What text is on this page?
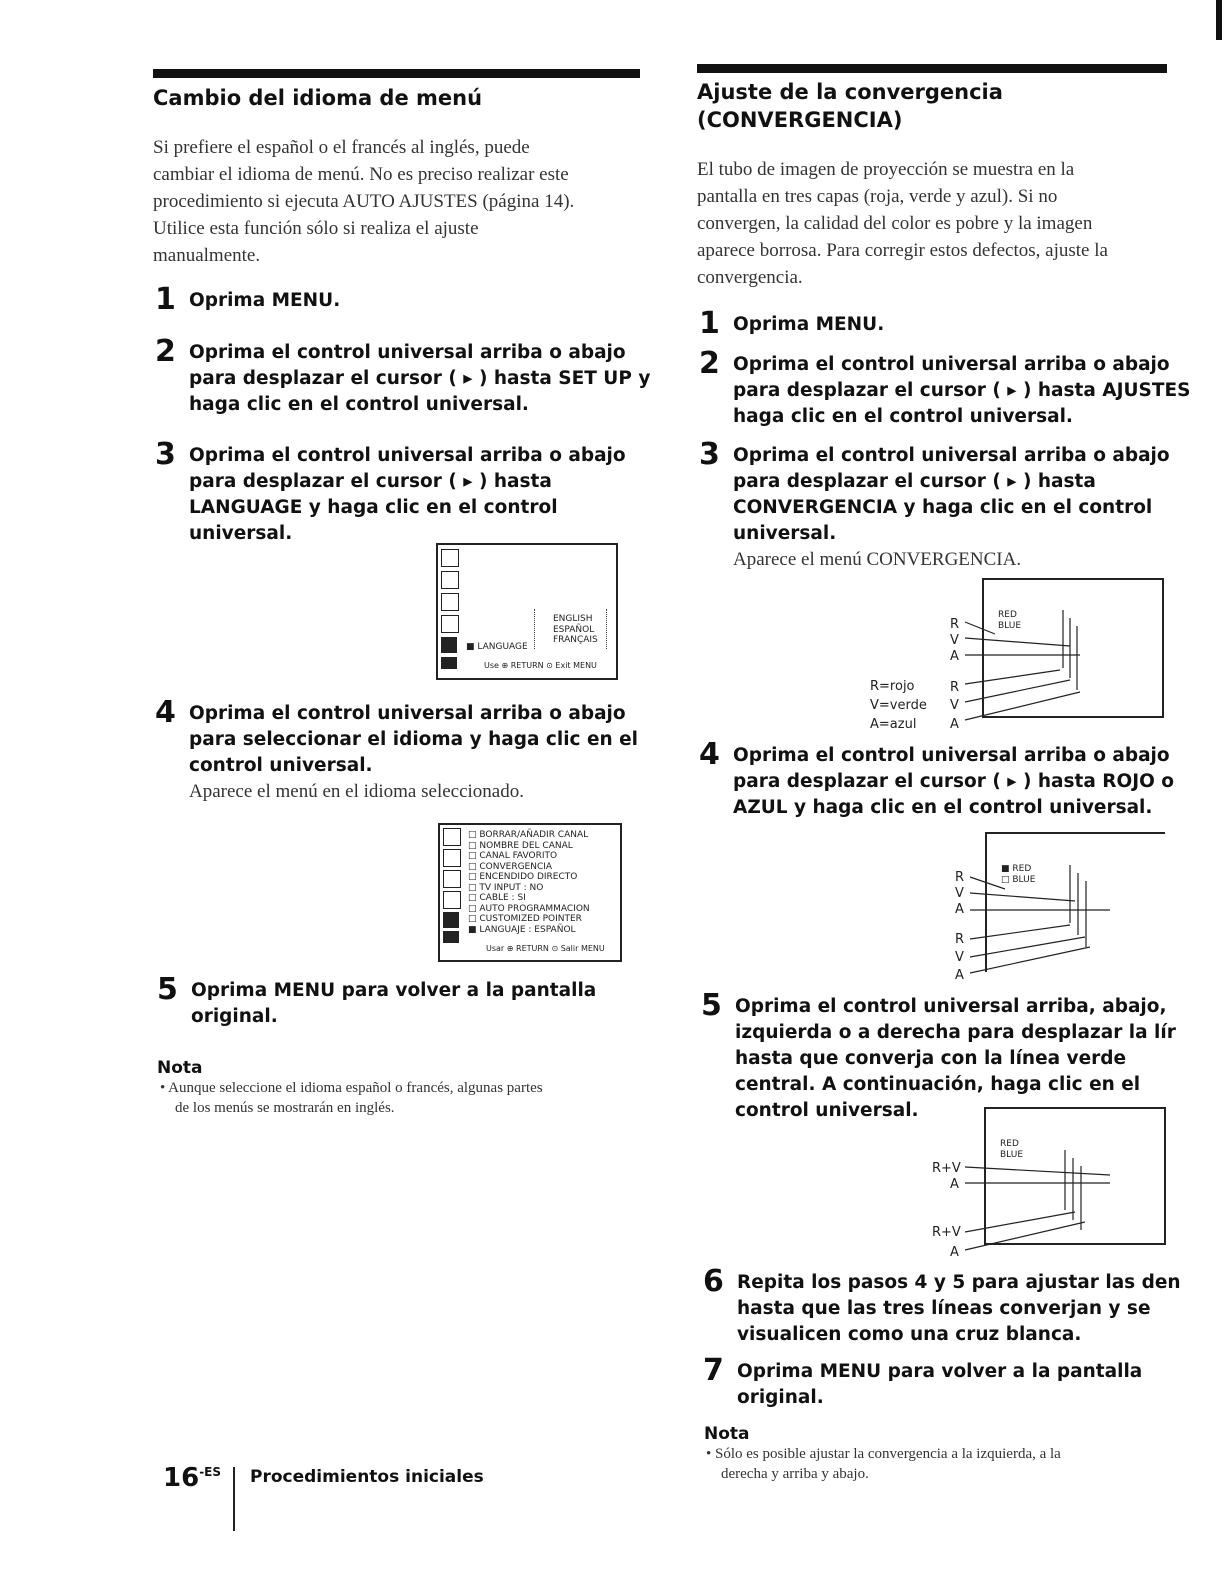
Cambio del idioma de menú
Si prefiere el español o el francés al inglés, puede
cambiar el idioma de menú. No es preciso realizar este
procedimiento si ejecuta AUTO AJUSTES (página 14).
Utilice esta función sólo si realiza el ajuste
manualmente.
1 Oprima MENU.
2 Oprima el control universal arriba o abajo
para desplazar el cursor ( ▸ ) hasta SET UP y
haga clic en el control universal.
3 Oprima el control universal arriba o abajo
para desplazar el cursor ( ▸ ) hasta
LANGUAGE y haga clic en el control
universal.
■ LANGUAGE
ENGLISH
ESPAÑOL
FRANÇAIS
Use ⊕ RETURN ⊙ Exit MENU
4 Oprima el control universal arriba o abajo
para seleccionar el idioma y haga clic en el
control universal.
Aparece el menú en el idioma seleccionado.
□ BORRAR/AÑADIR CANAL
□ NOMBRE DEL CANAL
□ CANAL FAVORITO
□ CONVERGENCIA
□ ENCENDIDO DIRECTO
□ TV INPUT : NO
□ CABLE : SI
□ AUTO PROGRAMMACION
□ CUSTOMIZED POINTER
■ LANGUAJE : ESPAÑOL
Usar ⊕ RETURN ⊙ Salir MENU
5 Oprima MENU para volver a la pantalla
original.
Nota
• Aunque seleccione el idioma español o francés, algunas partes
de los menús se mostrarán en inglés.
Ajuste de la convergencia
(CONVERGENCIA)
El tubo de imagen de proyección se muestra en la
pantalla en tres capas (roja, verde y azul). Si no
convergen, la calidad del color es pobre y la imagen
aparece borrosa. Para corregir estos defectos, ajuste la
convergencia.
1 Oprima MENU.
2 Oprima el control universal arriba o abajo
para desplazar el cursor ( ▸ ) hasta AJUSTES
haga clic en el control universal.
3 Oprima el control universal arriba o abajo
para desplazar el cursor ( ▸ ) hasta
CONVERGENCIA y haga clic en el control
universal.
Aparece el menú CONVERGENCIA.
R=rojo
V=verde
A=azul
R
V
A
R
V
A
RED
BLUE
4 Oprima el control universal arriba o abajo
para desplazar el cursor ( ▸ ) hasta ROJO o
AZUL y haga clic en el control universal.
R
V
A
R
V
A
■ RED
□ BLUE
5 Oprima el control universal arriba, abajo,
izquierda o a derecha para desplazar la lír
hasta que converja con la línea verde
central. A continuación, haga clic en el
control universal.
R+V
A
R+V
A
RED
BLUE
6 Repita los pasos 4 y 5 para ajustar las den
hasta que las tres líneas converjan y se
visualicen como una cruz blanca.
7 Oprima MENU para volver a la pantalla
original.
Nota
• Sólo es posible ajustar la convergencia a la izquierda, a la
derecha y arriba y abajo.
$16^{-ES}$ Procedimientos iniciales
